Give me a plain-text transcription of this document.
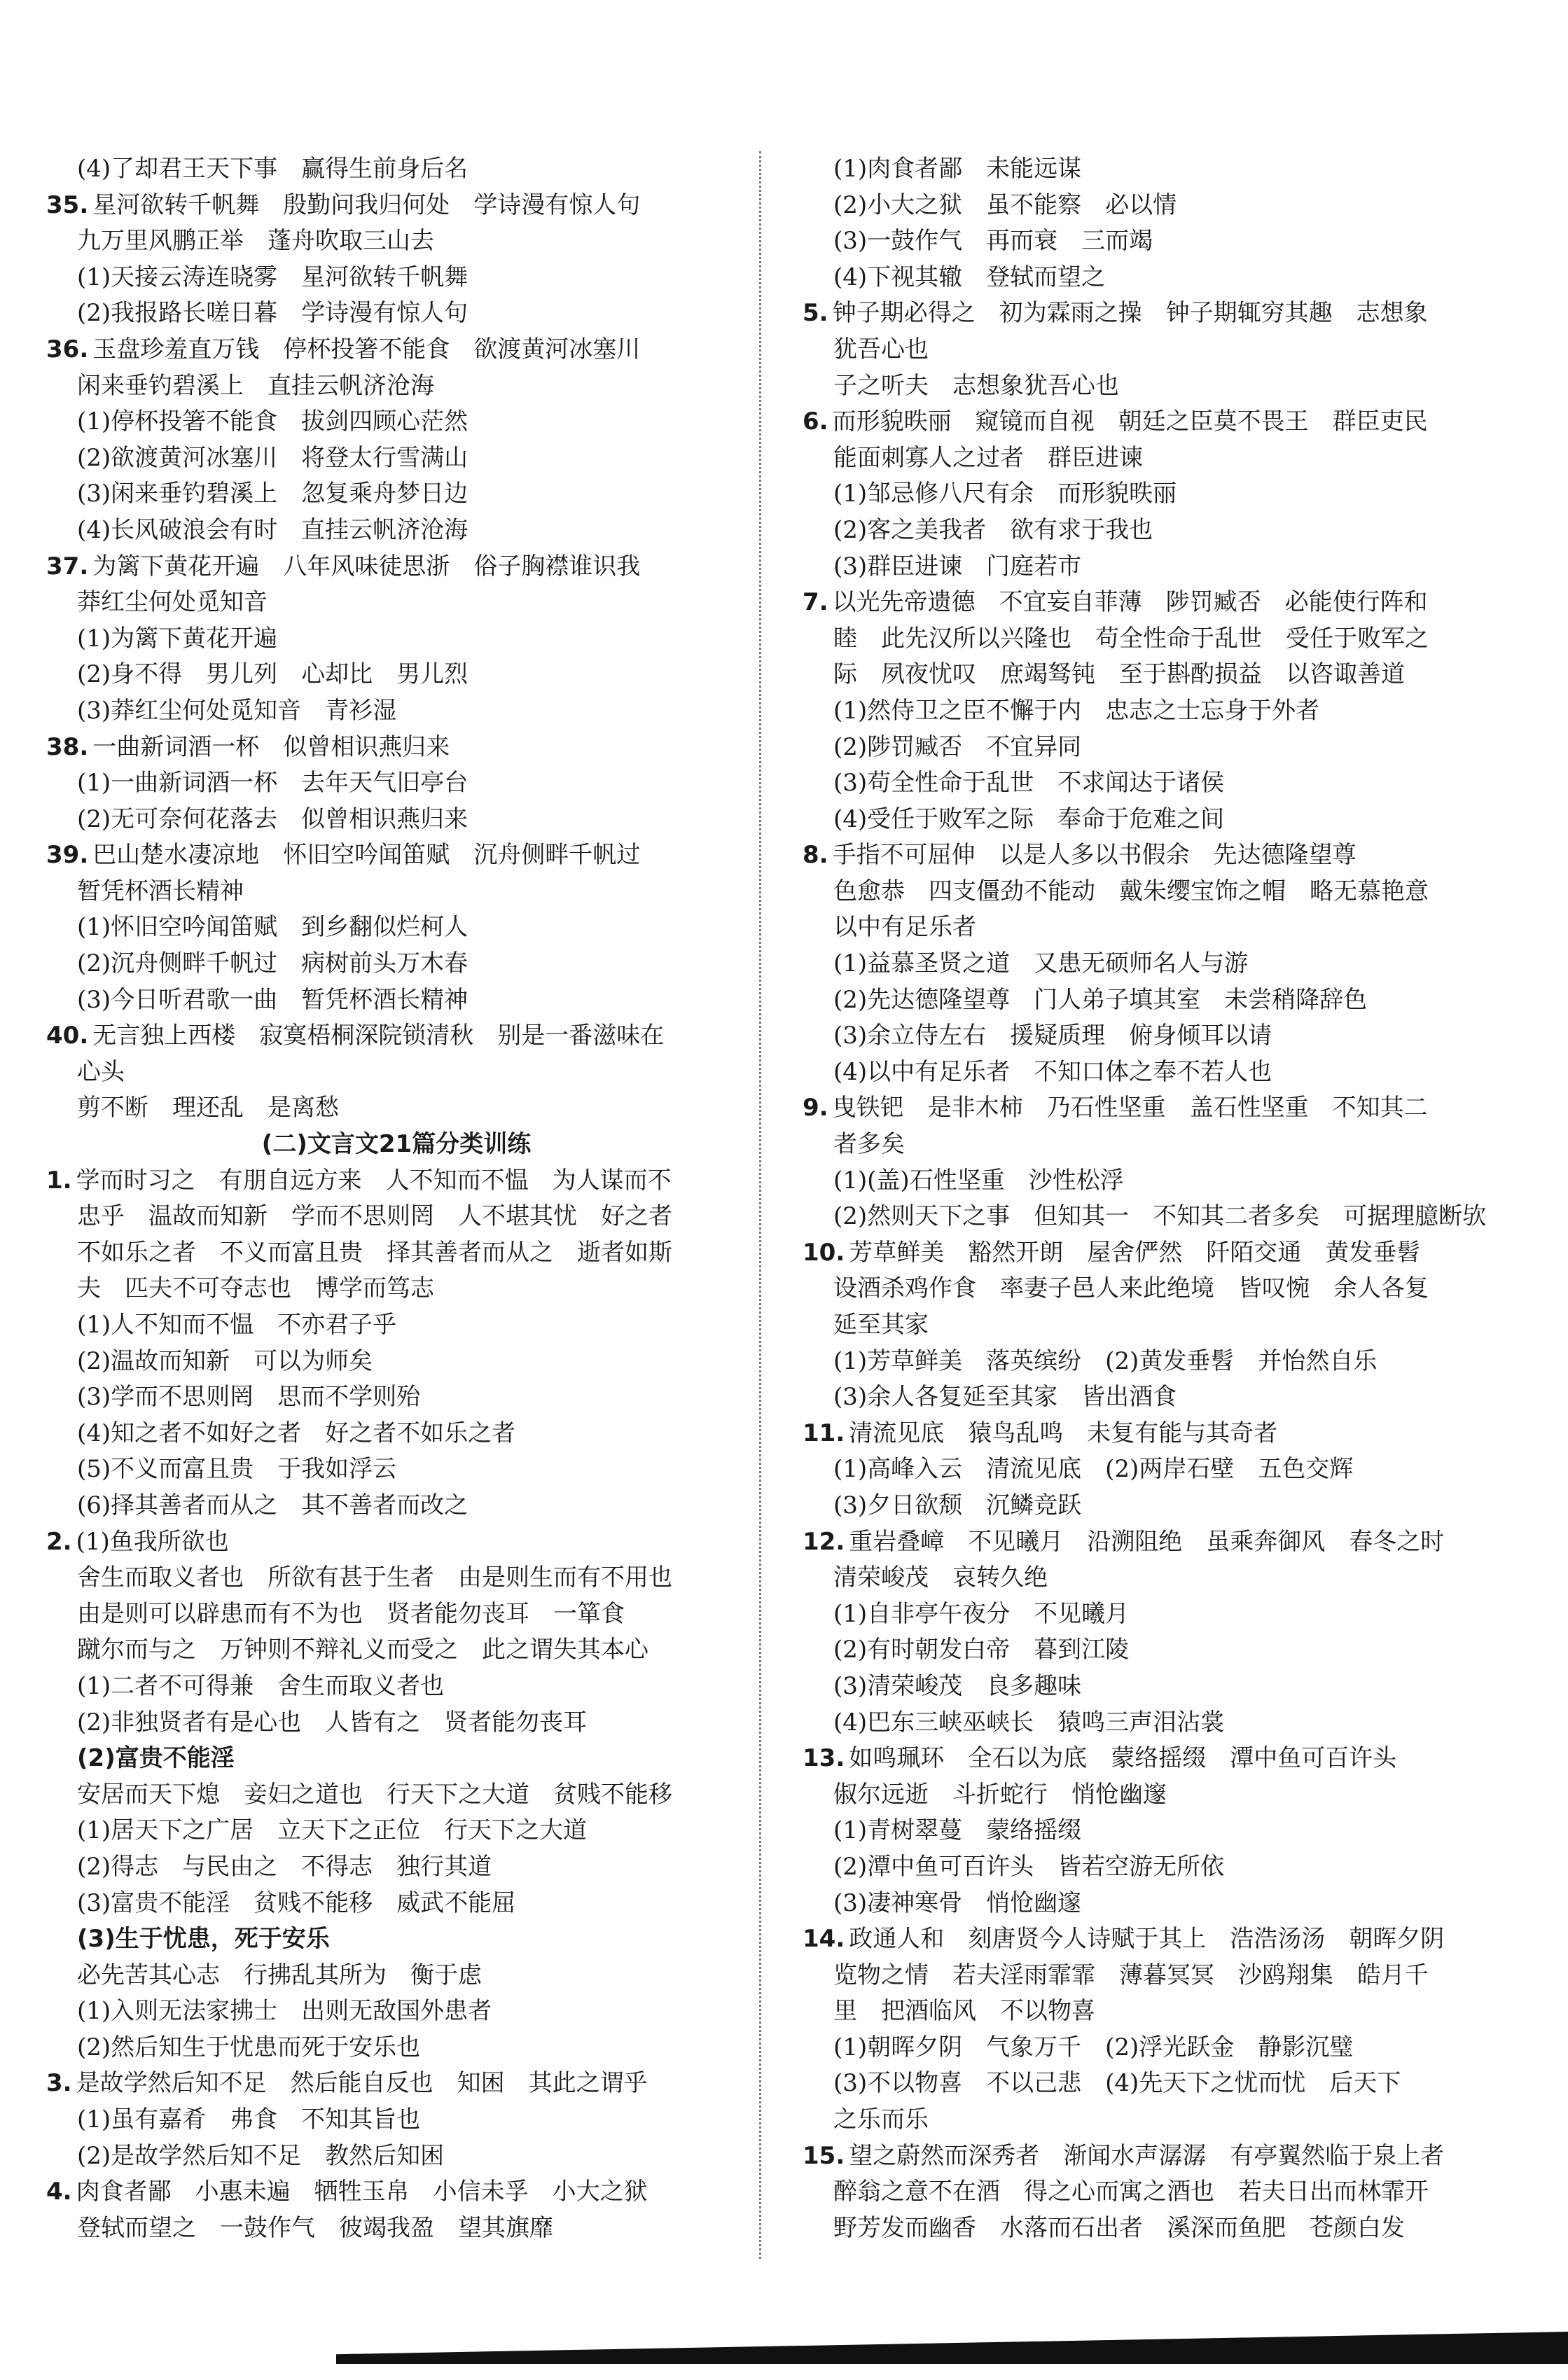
(4)了却君王天下事　赢得生前身后名
35. 星河欲转千帆舞　殷勤问我归何处　学诗漫有惊人句
九万里风鹏正举　蓬舟吹取三山去
(1)天接云涛连晓雾　星河欲转千帆舞
(2)我报路长嗟日暮　学诗漫有惊人句
36. 玉盘珍羞直万钱　停杯投箸不能食　欲渡黄河冰塞川
闲来垂钓碧溪上　直挂云帆济沧海
(1)停杯投箸不能食　拔剑四顾心茫然
(2)欲渡黄河冰塞川　将登太行雪满山
(3)闲来垂钓碧溪上　忽复乘舟梦日边
(4)长风破浪会有时　直挂云帆济沧海
37. 为篱下黄花开遍　八年风味徒思浙　俗子胸襟谁识我
莽红尘何处觅知音
(1)为篱下黄花开遍
(2)身不得　男儿列　心却比　男儿烈
(3)莽红尘何处觅知音　青衫湿
38. 一曲新词酒一杯　似曾相识燕归来
(1)一曲新词酒一杯　去年天气旧亭台
(2)无可奈何花落去　似曾相识燕归来
39. 巴山楚水凄凉地　怀旧空吟闻笛赋　沉舟侧畔千帆过
暂凭杯酒长精神
(1)怀旧空吟闻笛赋　到乡翻似烂柯人
(2)沉舟侧畔千帆过　病树前头万木春
(3)今日听君歌一曲　暂凭杯酒长精神
40. 无言独上西楼　寂寞梧桐深院锁清秋　别是一番滋味在
心头
剪不断　理还乱　是离愁
(二)文言文21篇分类训练
1. 学而时习之　有朋自远方来　人不知而不愠　为人谋而不
忠乎　温故而知新　学而不思则罔　人不堪其忧　好之者
不如乐之者　不义而富且贵　择其善者而从之　逝者如斯
夫　匹夫不可夺志也　博学而笃志
(1)人不知而不愠　不亦君子乎
(2)温故而知新　可以为师矣
(3)学而不思则罔　思而不学则殆
(4)知之者不如好之者　好之者不如乐之者
(5)不义而富且贵　于我如浮云
(6)择其善者而从之　其不善者而改之
2. (1)鱼我所欲也
舍生而取义者也　所欲有甚于生者　由是则生而有不用也
由是则可以辟患而有不为也　贤者能勿丧耳　一箪食
蹴尔而与之　万钟则不辩礼义而受之　此之谓失其本心
(1)二者不可得兼　舍生而取义者也
(2)非独贤者有是心也　人皆有之　贤者能勿丧耳
(2)富贵不能淫
安居而天下熄　妾妇之道也　行天下之大道　贫贱不能移
(1)居天下之广居　立天下之正位　行天下之大道
(2)得志　与民由之　不得志　独行其道
(3)富贵不能淫　贫贱不能移　威武不能屈
(3)生于忧患，死于安乐
必先苦其心志　行拂乱其所为　衡于虑
(1)入则无法家拂士　出则无敌国外患者
(2)然后知生于忧患而死于安乐也
3. 是故学然后知不足　然后能自反也　知困　其此之谓乎
(1)虽有嘉肴　弗食　不知其旨也
(2)是故学然后知不足　教然后知困
4. 肉食者鄙　小惠未遍　牺牲玉帛　小信未孚　小大之狱
登轼而望之　一鼓作气　彼竭我盈　望其旗靡
(1)肉食者鄙　未能远谋
(2)小大之狱　虽不能察　必以情
(3)一鼓作气　再而衰　三而竭
(4)下视其辙　登轼而望之
5. 钟子期必得之　初为霖雨之操　钟子期辄穷其趣　志想象
犹吾心也
子之听夫　志想象犹吾心也
6. 而形貌昳丽　窥镜而自视　朝廷之臣莫不畏王　群臣吏民
能面刺寡人之过者　群臣进谏
(1)邹忌修八尺有余　而形貌昳丽
(2)客之美我者　欲有求于我也
(3)群臣进谏　门庭若市
7. 以光先帝遗德　不宜妄自菲薄　陟罚臧否　必能使行阵和
睦　此先汉所以兴隆也　苟全性命于乱世　受任于败军之
际　夙夜忧叹　庶竭驽钝　至于斟酌损益　以咨诹善道
(1)然侍卫之臣不懈于内　忠志之士忘身于外者
(2)陟罚臧否　不宜异同
(3)苟全性命于乱世　不求闻达于诸侯
(4)受任于败军之际　奉命于危难之间
8. 手指不可屈伸　以是人多以书假余　先达德隆望尊
色愈恭　四支僵劲不能动　戴朱缨宝饰之帽　略无慕艳意
以中有足乐者
(1)益慕圣贤之道　又患无硕师名人与游
(2)先达德隆望尊　门人弟子填其室　未尝稍降辞色
(3)余立侍左右　援疑质理　俯身倾耳以请
(4)以中有足乐者　不知口体之奉不若人也
9. 曳铁钯　是非木柿　乃石性坚重　盖石性坚重　不知其二
者多矣
(1)(盖)石性坚重　沙性松浮
(2)然则天下之事　但知其一　不知其二者多矣　可据理臆断欤
10. 芳草鲜美　豁然开朗　屋舍俨然　阡陌交通　黄发垂髫
设酒杀鸡作食　率妻子邑人来此绝境　皆叹惋　余人各复
延至其家
(1)芳草鲜美　落英缤纷　(2)黄发垂髫　并怡然自乐
(3)余人各复延至其家　皆出酒食
11. 清流见底　猿鸟乱鸣　未复有能与其奇者
(1)高峰入云　清流见底　(2)两岸石壁　五色交辉
(3)夕日欲颓　沉鳞竞跃
12. 重岩叠嶂　不见曦月　沿溯阻绝　虽乘奔御风　春冬之时
清荣峻茂　哀转久绝
(1)自非亭午夜分　不见曦月
(2)有时朝发白帝　暮到江陵
(3)清荣峻茂　良多趣味
(4)巴东三峡巫峡长　猿鸣三声泪沾裳
13. 如鸣珮环　全石以为底　蒙络摇缀　潭中鱼可百许头
俶尔远逝　斗折蛇行　悄怆幽邃
(1)青树翠蔓　蒙络摇缀
(2)潭中鱼可百许头　皆若空游无所依
(3)凄神寒骨　悄怆幽邃
14. 政通人和　刻唐贤今人诗赋于其上　浩浩汤汤　朝晖夕阴
览物之情　若夫淫雨霏霏　薄暮冥冥　沙鸥翔集　皓月千
里　把酒临风　不以物喜
(1)朝晖夕阴　气象万千　(2)浮光跃金　静影沉璧
(3)不以物喜　不以己悲　(4)先天下之忧而忧　后天下
之乐而乐
15. 望之蔚然而深秀者　渐闻水声潺潺　有亭翼然临于泉上者
醉翁之意不在酒　得之心而寓之酒也　若夫日出而林霏开
野芳发而幽香　水落而石出者　溪深而鱼肥　苍颜白发
